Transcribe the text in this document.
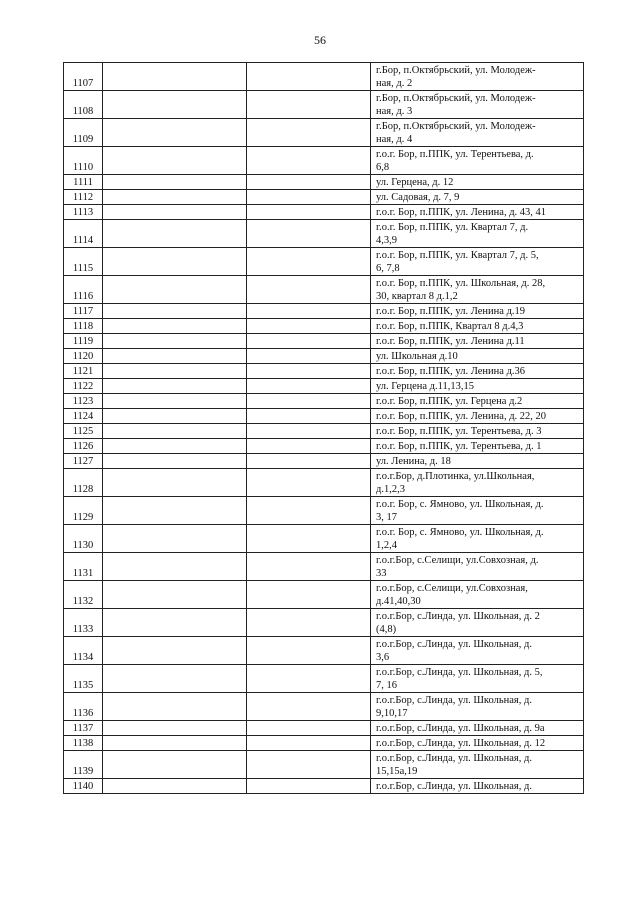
56
1107			г.Бор, п.Октябрьский, ул. Молодеж-
ная, д. 2

1108			г.Бор, п.Октябрьский, ул. Молодеж-
ная, д. 3

1109			г.Бор, п.Октябрьский, ул. Молодеж-
ная, д. 4

1110			г.о.г. Бор, п.ППК, ул. Терентьева, д.
6,8

1111			ул. Герцена, д. 12

1112			ул. Садовая, д. 7, 9

1113			г.о.г. Бор, п.ППК, ул. Ленина, д. 43, 41

1114			г.о.г. Бор, п.ППК, ул. Квартал 7, д.
4,3,9

1115			г.о.г. Бор, п.ППК, ул. Квартал 7, д. 5,
6, 7,8

1116			г.о.г. Бор, п.ППК, ул. Школьная, д. 28,
30, квартал 8 д.1,2

1117			г.о.г. Бор, п.ППК, ул. Ленина д.19

1118			г.о.г. Бор, п.ППК, Квартал 8 д.4,3

1119			г.о.г. Бор, п.ППК, ул. Ленина д.11

1120			ул. Школьная д.10

1121			г.о.г. Бор, п.ППК, ул. Ленина д.36

1122			ул. Герцена д.11,13,15

1123			г.о.г. Бор, п.ППК, ул. Герцена д.2

1124			г.о.г. Бор, п.ППК, ул. Ленина, д. 22, 20

1125			г.о.г. Бор, п.ППК, ул. Терентьева, д. 3

1126			г.о.г. Бор, п.ППК, ул. Терентьева, д. 1

1127			ул. Ленина, д. 18

1128			г.о.г.Бор, д.Плотинка, ул.Школьная,
д.1,2,3

1129			г.о.г. Бор, с. Ямново, ул. Школьная, д.
3, 17

1130			г.о.г. Бор, с. Ямново, ул. Школьная, д.
1,2,4

1131			г.о.г.Бор, с.Селищи, ул.Совхозная, д.
33

1132			г.о.г.Бор, с.Селищи, ул.Совхозная,
д.41,40,30

1133			г.о.г.Бор, с.Линда, ул. Школьная, д. 2
(4,8)

1134			г.о.г.Бор, с.Линда, ул. Школьная, д.
3,6

1135			г.о.г.Бор, с.Линда, ул. Школьная, д. 5,
7, 16

1136			г.о.г.Бор, с.Линда, ул. Школьная, д.
9,10,17

1137			г.о.г.Бор, с.Линда, ул. Школьная, д. 9а

1138			г.о.г.Бор, с.Линда, ул. Школьная, д. 12

1139			г.о.г.Бор, с.Линда, ул. Школьная, д.
15,15а,19

1140			г.о.г.Бор, с.Линда, ул. Школьная, д.
